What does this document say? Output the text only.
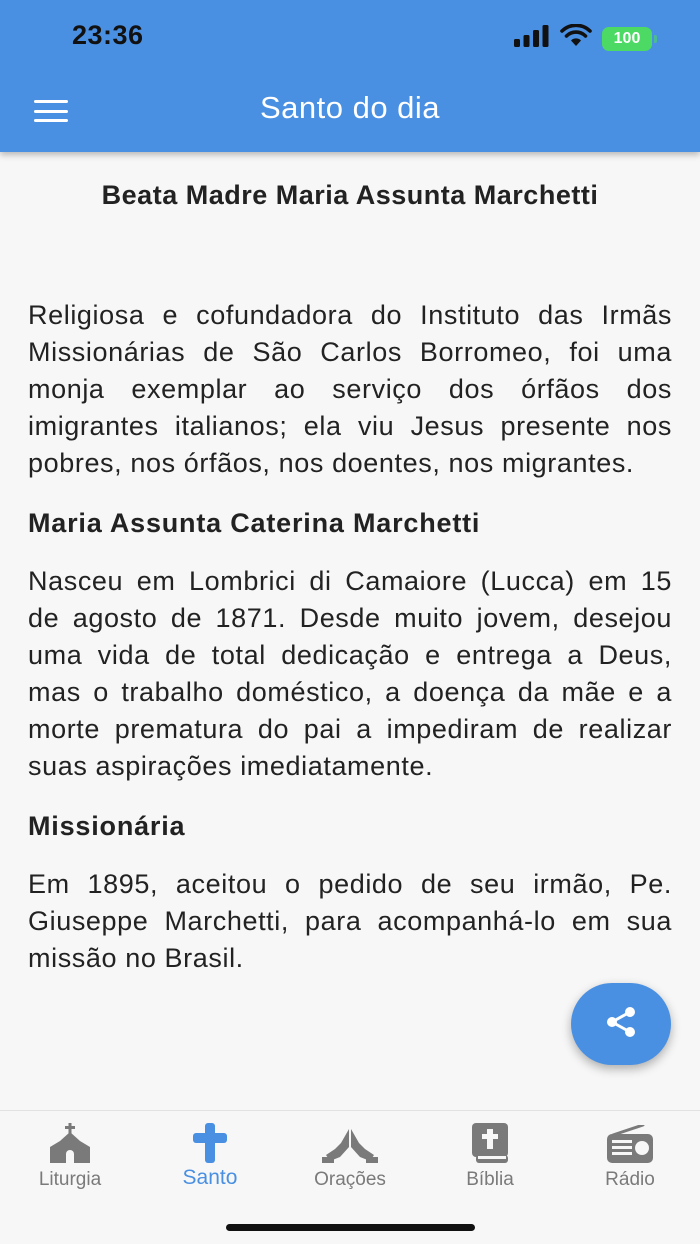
23:36	100
Santo do dia
Beata Madre Maria Assunta Marchetti

Religiosa e cofundadora do Instituto das Irmãs Missionárias de São Carlos Borromeo, foi uma monja exemplar ao serviço dos órfãos dos imigrantes italianos; ela viu Jesus presente nos pobres, nos órfãos, nos doentes, nos migrantes.

Maria Assunta Caterina Marchetti

Nasceu em Lombrici di Camaiore (Lucca) em 15 de agosto de 1871. Desde muito jovem, desejou uma vida de total dedicação e entrega a Deus, mas o trabalho doméstico, a doença da mãe e a morte prematura do pai a impediram de realizar suas aspirações imediatamente.

Missionária

Em 1895, aceitou o pedido de seu irmão, Pe. Giuseppe Marchetti, para acompanhá-lo em sua missão no Brasil.

Liturgia	Santo	Orações	Bíblia	Rádio
